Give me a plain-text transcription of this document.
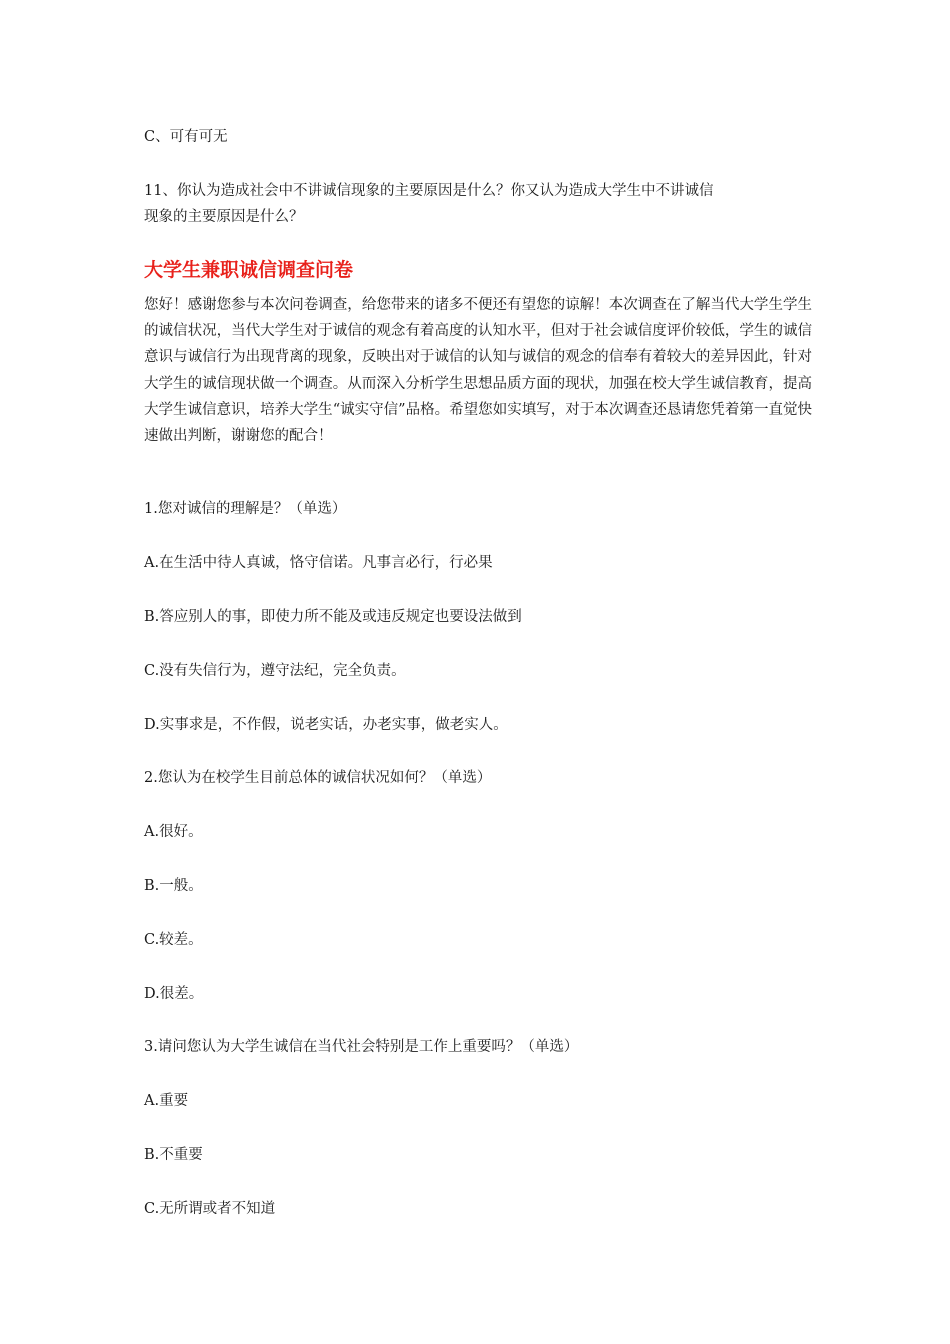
C、可有可无
11、你认为造成社会中不讲诚信现象的主要原因是什么？你又认为造成大学生中不讲诚信
现象的主要原因是什么？
大学生兼职诚信调查问卷
您好！感谢您参与本次问卷调查，给您带来的诸多不便还有望您的谅解！本次调查在了解当代大学生学生的诚信状况，当代大学生对于诚信的观念有着高度的认知水平，但对于社会诚信度评价较低，学生的诚信意识与诚信行为出现背离的现象，反映出对于诚信的认知与诚信的观念的信奉有着较大的差异因此，针对大学生的诚信现状做一个调查。从而深入分析学生思想品质方面的现状，加强在校大学生诚信教育，提高大学生诚信意识，培养大学生“诚实守信”品格。希望您如实填写，对于本次调查还恳请您凭着第一直觉快速做出判断，谢谢您的配合！
1.您对诚信的理解是？（单选）
A.在生活中待人真诚，恪守信诺。凡事言必行，行必果
B.答应别人的事，即使力所不能及或违反规定也要设法做到
C.没有失信行为，遵守法纪，完全负责。
D.实事求是，不作假，说老实话，办老实事，做老实人。
2.您认为在校学生目前总体的诚信状况如何？（单选）
A.很好。
B.一般。
C.较差。
D.很差。
3.请问您认为大学生诚信在当代社会特别是工作上重要吗？（单选）
A.重要
B.不重要
C.无所谓或者不知道
